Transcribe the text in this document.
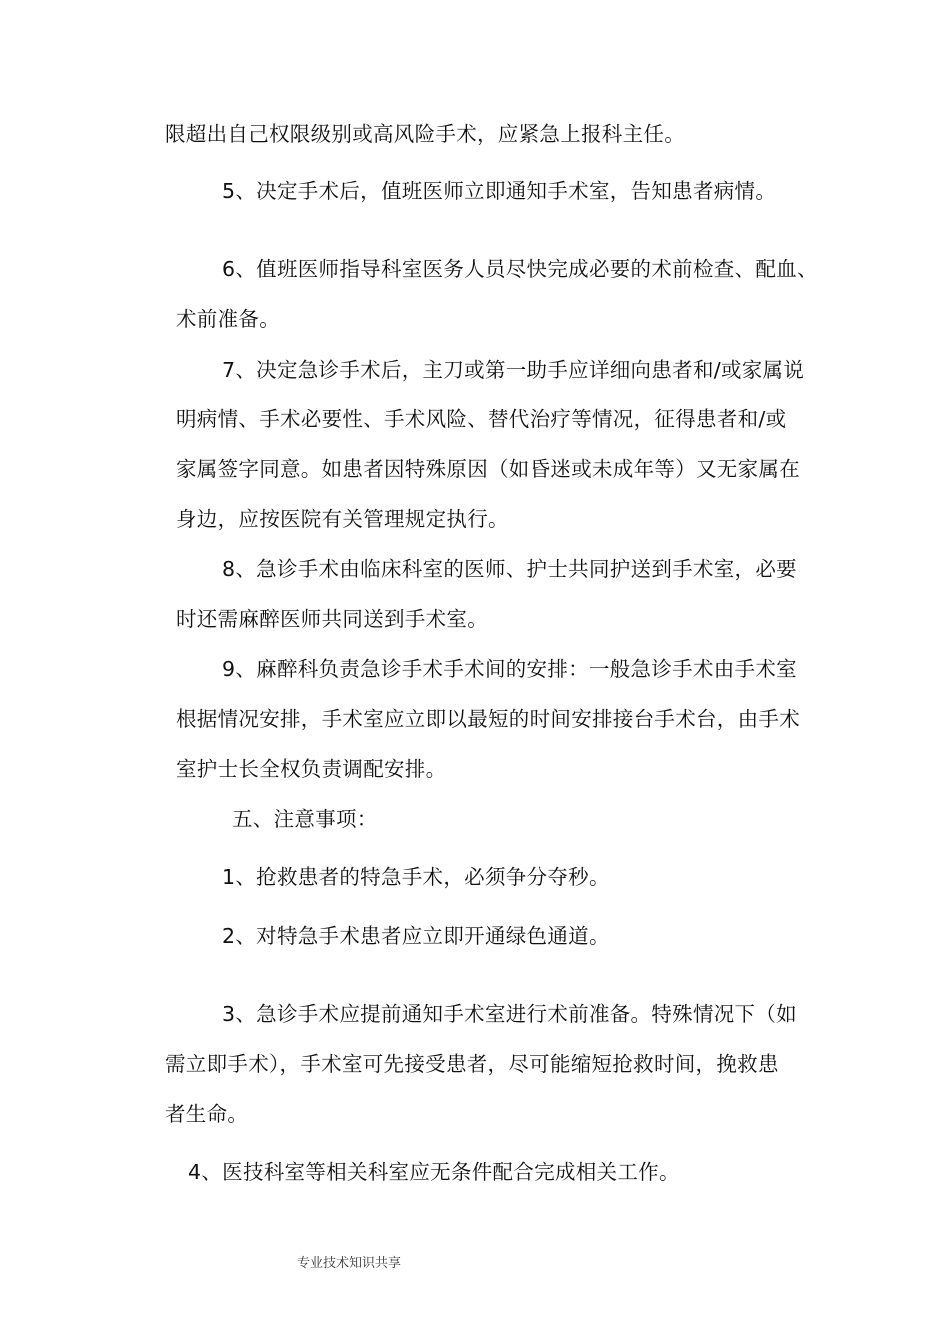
限超出自己权限级别或高风险手术，应紧急上报科主任。
5、决定手术后，值班医师立即通知手术室，告知患者病情。
6、值班医师指导科室医务人员尽快完成必要的术前检查、配血、
术前准备。
7、决定急诊手术后，主刀或第一助手应详细向患者和/或家属说
明病情、手术必要性、手术风险、替代治疗等情况，征得患者和/或
家属签字同意。如患者因特殊原因（如昏迷或未成年等）又无家属在
身边，应按医院有关管理规定执行。
8、急诊手术由临床科室的医师、护士共同护送到手术室，必要
时还需麻醉医师共同送到手术室。
9、麻醉科负责急诊手术手术间的安排：一般急诊手术由手术室
根据情况安排，手术室应立即以最短的时间安排接台手术台，由手术
室护士长全权负责调配安排。
五、注意事项：
1、抢救患者的特急手术，必须争分夺秒。
2、对特急手术患者应立即开通绿色通道。
3、急诊手术应提前通知手术室进行术前准备。特殊情况下（如
需立即手术），手术室可先接受患者，尽可能缩短抢救时间，挽救患
者生命。
4、医技科室等相关科室应无条件配合完成相关工作。
专业技术知识共享
